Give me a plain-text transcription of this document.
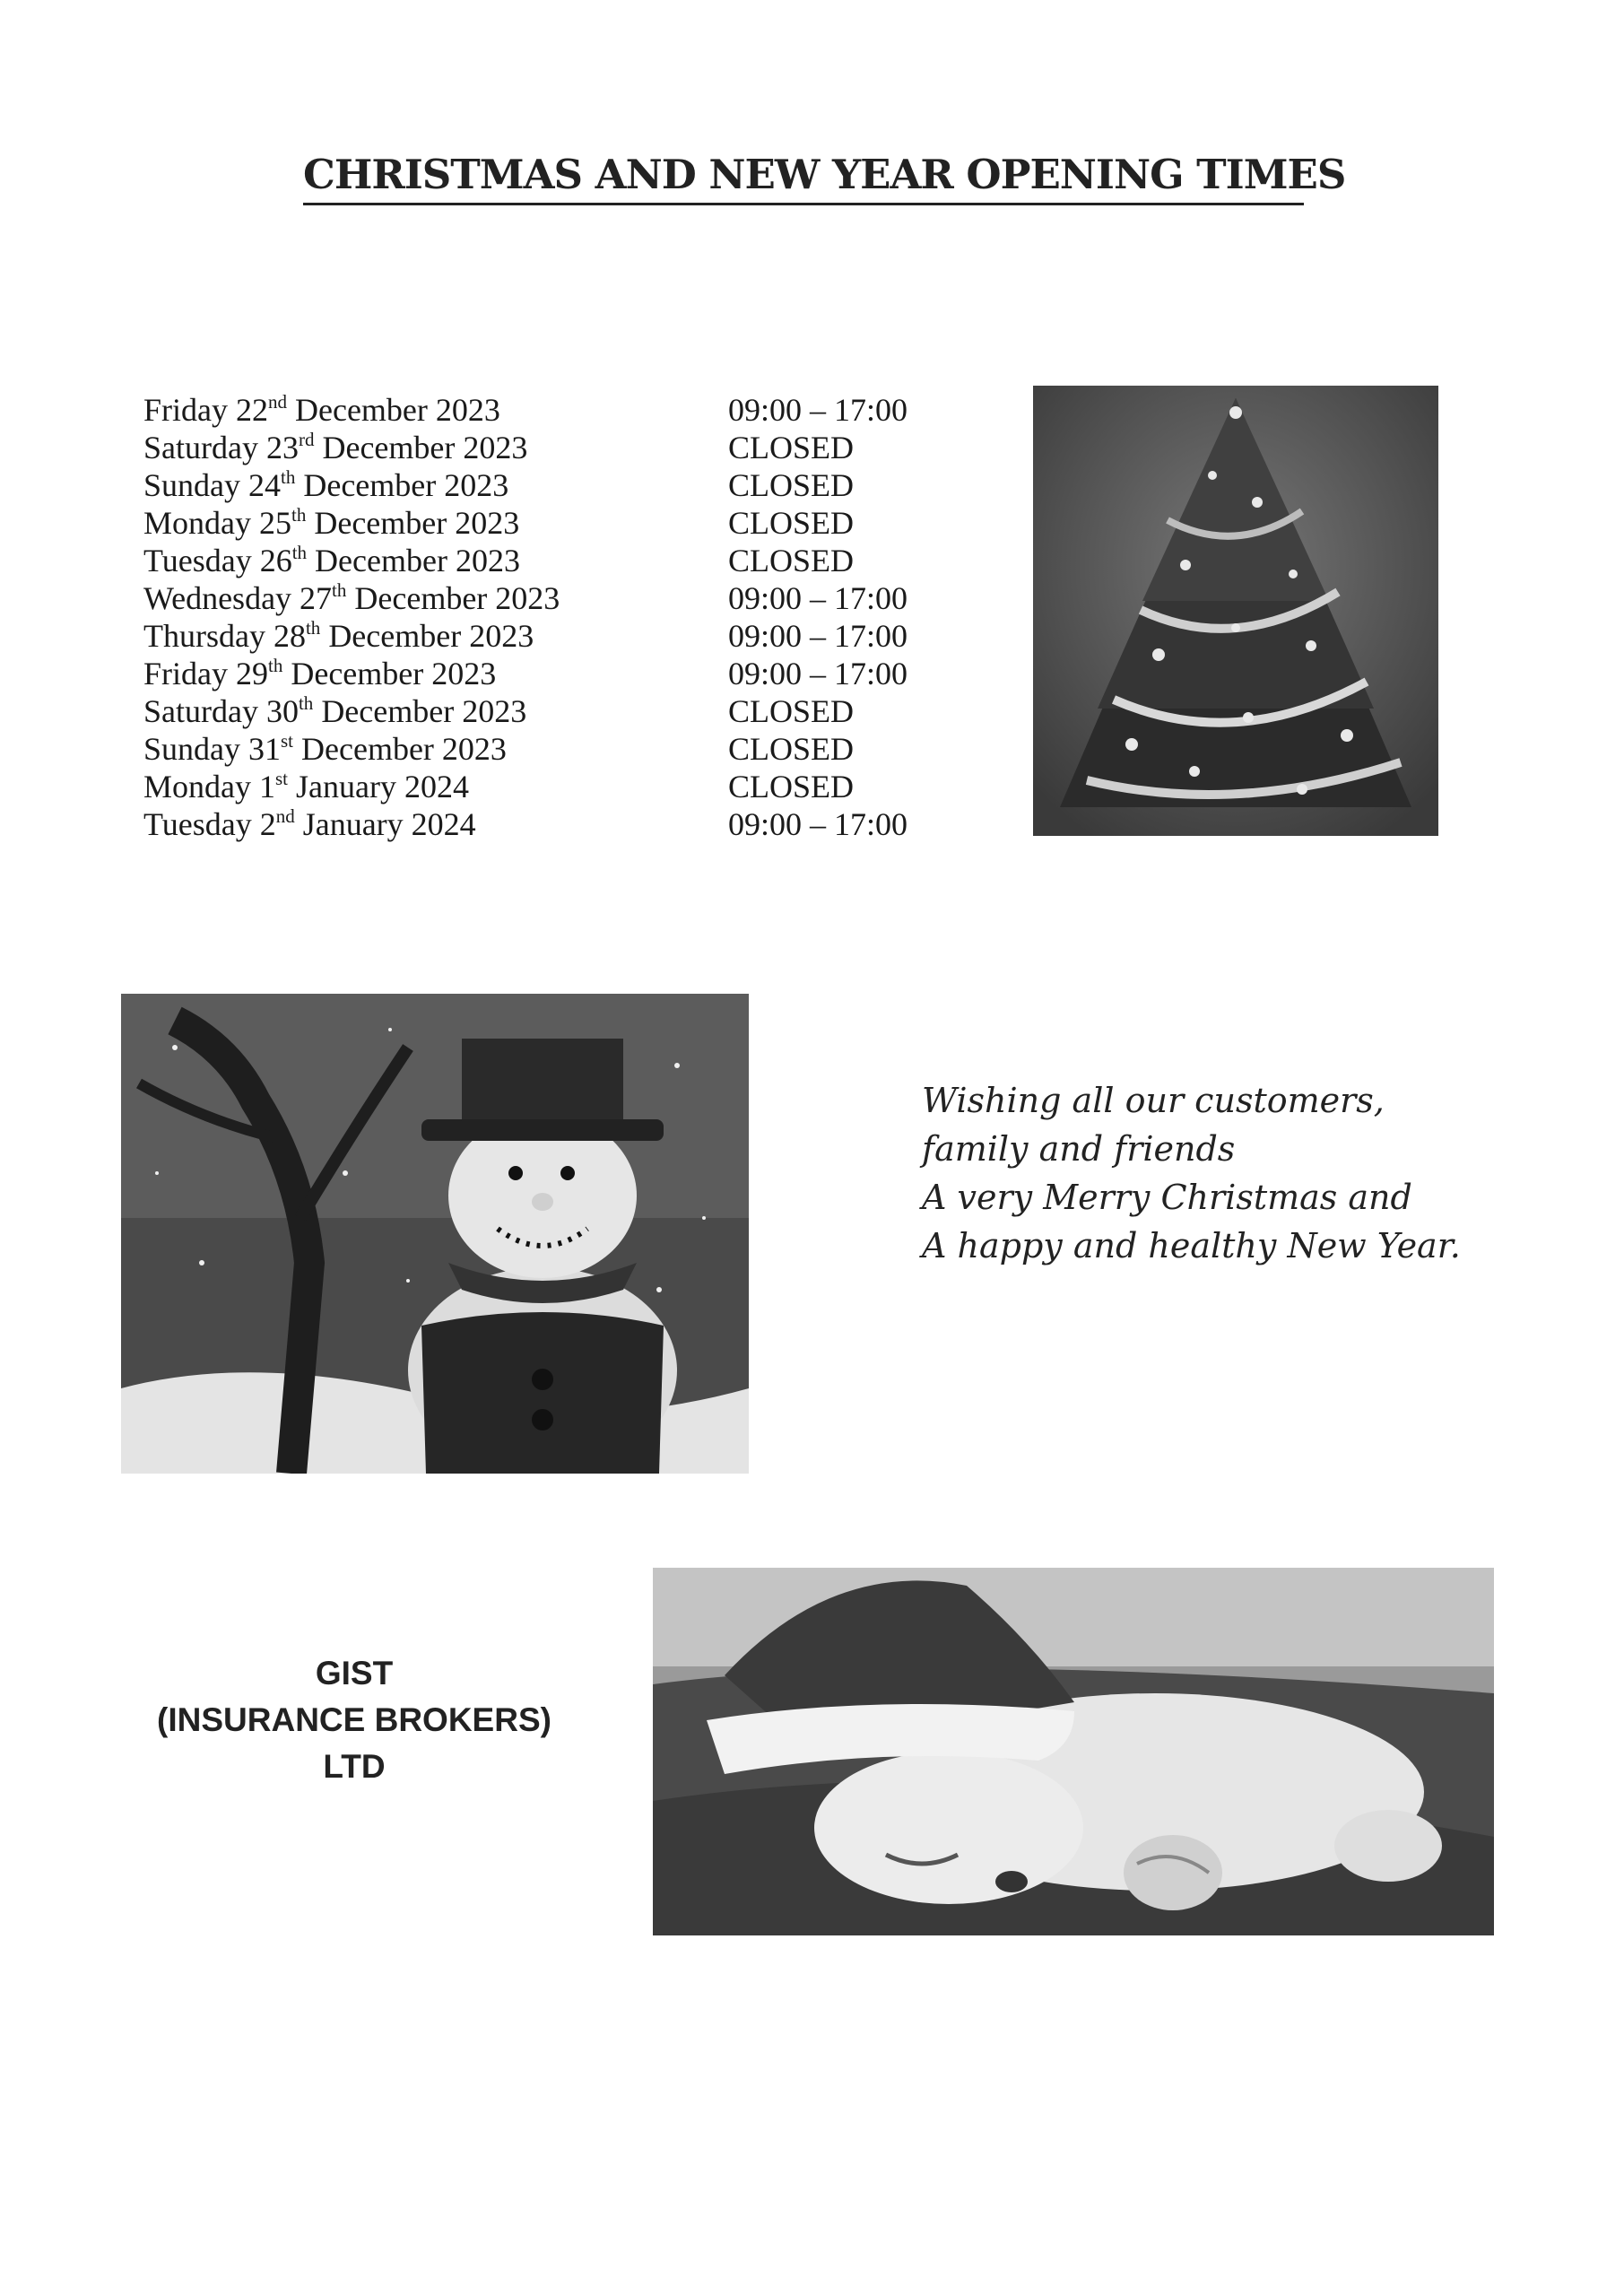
CHRISTMAS AND NEW YEAR OPENING TIMES
Friday 22nd December 2023	09:00 – 17:00
Saturday 23rd December 2023	CLOSED
Sunday 24th December 2023	CLOSED
Monday 25th December 2023	CLOSED
Tuesday 26th December 2023	CLOSED
Wednesday 27th December 2023	09:00 – 17:00
Thursday 28th December 2023	09:00 – 17:00
Friday 29th December 2023	09:00 – 17:00
Saturday 30th December 2023	CLOSED
Sunday 31st December 2023	CLOSED
Monday 1st January 2024	CLOSED
Tuesday 2nd January 2024	09:00 – 17:00
Wishing all our customers,
family and friends
A very Merry Christmas and
A happy and healthy New Year.
GIST
(INSURANCE BROKERS)
LTD
